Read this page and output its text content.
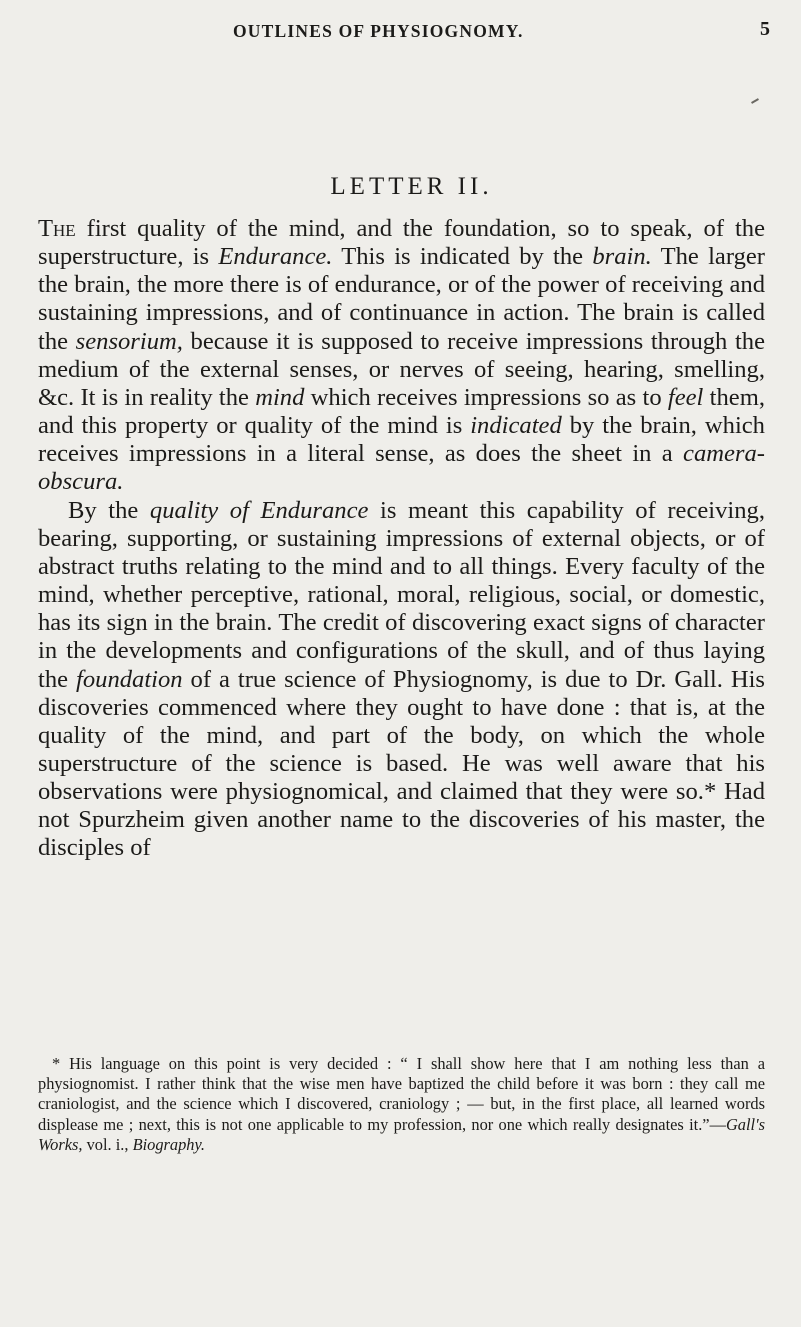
OUTLINES OF PHYSIOGNOMY.	5
LETTER II.

The first quality of the mind, and the foundation, so to speak, of the superstructure, is Endurance. This is indicated by the brain. The larger the brain, the more there is of endurance, or of the power of receiving and sustaining impressions, and of continuance in action. The brain is called the sensorium, because it is supposed to receive impressions through the medium of the external senses, or nerves of seeing, hearing, smelling, &c. It is in reality the mind which receives impressions so as to feel them, and this property or quality of the mind is indicated by the brain, which receives impressions in a literal sense, as does the sheet in a camera-obscura.

By the quality of Endurance is meant this capability of receiving, bearing, supporting, or sustaining impressions of external objects, or of abstract truths relating to the mind and to all things. Every faculty of the mind, whether perceptive, rational, moral, religious, social, or domestic, has its sign in the brain. The credit of discovering exact signs of character in the developments and configurations of the skull, and of thus laying the foundation of a true science of Physiognomy, is due to Dr. Gall. His discoveries commenced where they ought to have done : that is, at the quality of the mind, and part of the body, on which the whole superstructure of the science is based. He was well aware that his observations were physiognomical, and claimed that they were so.* Had not Spurzheim given another name to the discoveries of his master, the disciples of

* His language on this point is very decided : “ I shall show here that I am nothing less than a physiognomist. I rather think that the wise men have baptized the child before it was born : they call me craniologist, and the science which I discovered, craniology ; — but, in the first place, all learned words displease me ; next, this is not one applicable to my profession, nor one which really designates it.”—Gall's Works, vol. i., Biography.
